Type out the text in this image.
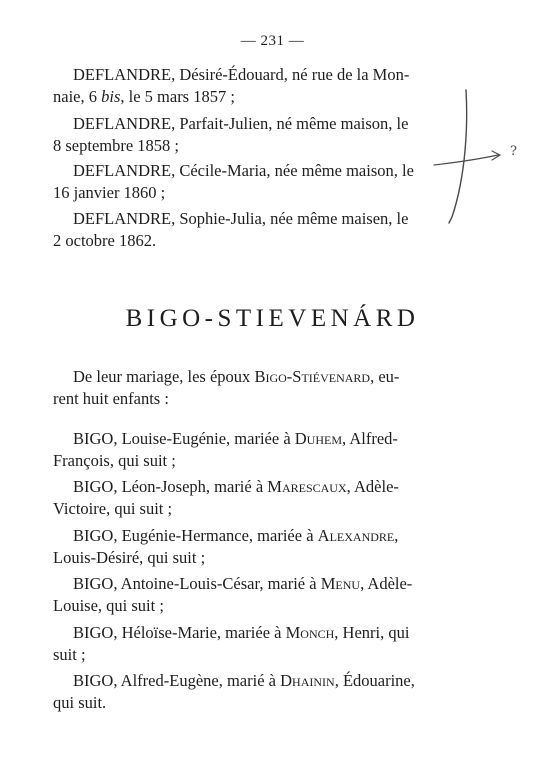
— 231 —
DEFLANDRE, Désiré-Édouard, né rue de la Mon-
naie, 6 bis, le 5 mars 1857 ;
DEFLANDRE, Parfait-Julien, né même maison, le
8 septembre 1858 ;
DEFLANDRE, Cécile-Maria, née même maison, le
16 janvier 1860 ;
DEFLANDRE, Sophie-Julia, née même maisen, le
2 octobre 1862.
?
BIGO-STIEVENÁRD
De leur mariage, les époux Bigo-Stiévenard, eu-
rent huit enfants :
BIGO, Louise-Eugénie, mariée à Duhem, Alfred-
François, qui suit ;
BIGO, Léon-Joseph, marié à Marescaux, Adèle-
Victoire, qui suit ;
BIGO, Eugénie-Hermance, mariée à Alexandre,
Louis-Désiré, qui suit ;
BIGO, Antoine-Louis-César, marié à Menu, Adèle-
Louise, qui suit ;
BIGO, Héloïse-Marie, mariée à Monch, Henri, qui
suit ;
BIGO, Alfred-Eugène, marié à Dhainin, Édouarine,
qui suit.
